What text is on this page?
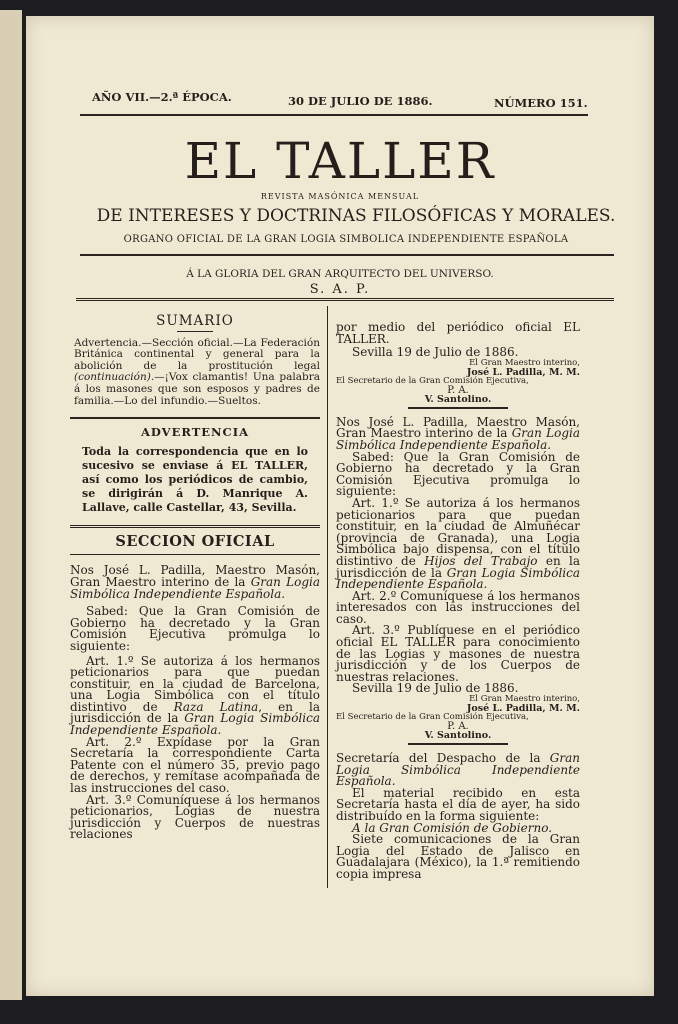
AÑO VII.—2.ª ÉPOCA.	30 DE JULIO DE 1886.	NÚMERO 151.
EL TALLER
REVISTA MASÓNICA MENSUAL
DE INTERESES Y DOCTRINAS FILOSÓFICAS Y MORALES.
ORGANO OFICIAL DE LA GRAN LOGIA SIMBOLICA INDEPENDIENTE ESPAÑOLA
Á LA GLORIA DEL GRAN ARQUITECTO DEL UNIVERSO.
S. A. P.
SUMARIO

Advertencia.—Sección oficial.—La Federación Británica continental y general para la abolición de la prostitución legal (continuación).—¡Vox clamantis! Una palabra á los masones que son esposos y padres de familia.—Lo del infundio.—Sueltos.

ADVERTENCIA

Toda la correspondencia que en lo sucesivo se enviase á EL TALLER, así como los periódicos de cambio, se dirigirán á D. Manrique A. Lallave, calle Castellar, 43, Sevilla.

SECCION OFICIAL

Nos José L. Padilla, Maestro Masón, Gran Maestro interino de la Gran Logia Simbólica Independiente Española.

Sabed: Que la Gran Comisión de Gobierno ha decretado y la Gran Comisión Ejecutiva promulga lo siguiente:

Art. 1.º Se autoriza á los hermanos peticionarios para que puedan constituir, en la ciudad de Barcelona, una Logia Simbólica con el título distintivo de Raza Latina, en la jurisdicción de la Gran Logia Simbólica Independiente Española.

Art. 2.º Expídase por la Gran Secretaría la correspondiente Carta Patente con el número 35, previo pago de derechos, y remítase acompañada de las instrucciones del caso.

Art. 3.º Comuníquese á los hermanos peticionarios, Logias de nuestra jurisdicción y Cuerpos de nuestras relaciones

por medio del periódico oficial EL TALLER.

Sevilla 19 de Julio de 1886.

El Gran Maestro interino,
José L. Padilla, M. M.
El Secretario de la Gran Comisión Ejecutiva,
P. A.
V. Santolino.

Nos José L. Padilla, Maestro Masón, Gran Maestro interino de la Gran Logia Simbólica Independiente Española.

Sabed: Que la Gran Comisión de Gobierno ha decretado y la Gran Comisión Ejecutiva promulga lo siguiente:

Art. 1.º Se autoriza á los hermanos peticionarios para que puedan constituir, en la ciudad de Almuñécar (provincia de Granada), una Logia Simbólica bajo dispensa, con el título distintivo de Hijos del Trabajo en la jurisdicción de la Gran Logia Simbólica Independiente Española.

Art. 2.º Comuníquese á los hermanos interesados con las instrucciones del caso.

Art. 3.º Publíquese en el periódico oficial EL TALLER para conocimiento de las Logias y masones de nuestra jurisdicción y de los Cuerpos de nuestras relaciones.

Sevilla 19 de Julio de 1886.

El Gran Maestro interino,
José L. Padilla, M. M.
El Secretario de la Gran Comisión Ejecutiva,
P. A.
V. Santolino.

Secretaría del Despacho de la Gran Logia Simbólica Independiente Española.

El material recibido en esta Secretaría hasta el día de ayer, ha sido distribuído en la forma siguiente:

A la Gran Comisión de Gobierno.

Siete comunicaciones de la Gran Logia del Estado de Jalisco en Guadalajara (México), la 1.ª remitiendo copia impresa
